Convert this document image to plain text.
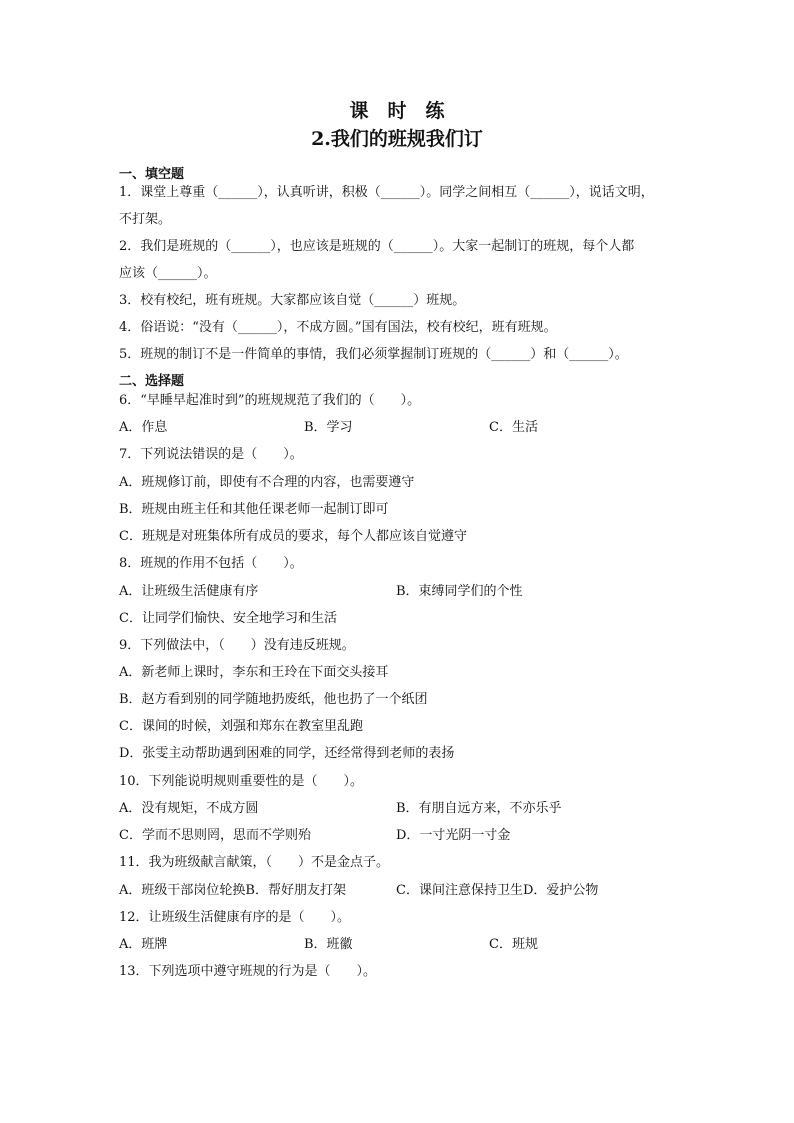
课　时　练
2.我们的班规我们订
一、填空题
1．课堂上尊重（______），认真听讲，积极（______）。同学之间相互（______），说话文明，
不打架。
2．我们是班规的（______），也应该是班规的（______）。大家一起制订的班规，每个人都
应该（______）。
3．校有校纪，班有班规。大家都应该自觉（______）班规。
4．俗语说：“没有（______），不成方圆。”国有国法，校有校纪，班有班规。
5．班规的制订不是一件简单的事情，我们必须掌握制订班规的（______）和（______）。
二、选择题
6．“早睡早起准时到”的班规规范了我们的（　　）。
A．作息	B．学习	C．生活
7．下列说法错误的是（　　）。
A．班规修订前，即使有不合理的内容，也需要遵守
B．班规由班主任和其他任课老师一起制订即可
C．班规是对班集体所有成员的要求，每个人都应该自觉遵守
8．班规的作用不包括（　　）。
A．让班级生活健康有序	B．束缚同学们的个性
C．让同学们愉快、安全地学习和生活
9．下列做法中，（　　）没有违反班规。
A．新老师上课时，李东和王玲在下面交头接耳
B．赵方看到别的同学随地扔废纸，他也扔了一个纸团
C．课间的时候，刘强和郑东在教室里乱跑
D．张雯主动帮助遇到困难的同学，还经常得到老师的表扬
10．下列能说明规则重要性的是（　　）。
A．没有规矩，不成方圆	B．有朋自远方来，不亦乐乎
C．学而不思则罔，思而不学则殆	D．一寸光阴一寸金
11．我为班级献言献策，（　　）不是金点子。
A．班级干部岗位轮换B．帮好朋友打架	C．课间注意保持卫生D．爱护公物
12．让班级生活健康有序的是（　　）。
A．班牌	B．班徽	C．班规
13．下列选项中遵守班规的行为是（　　）。
